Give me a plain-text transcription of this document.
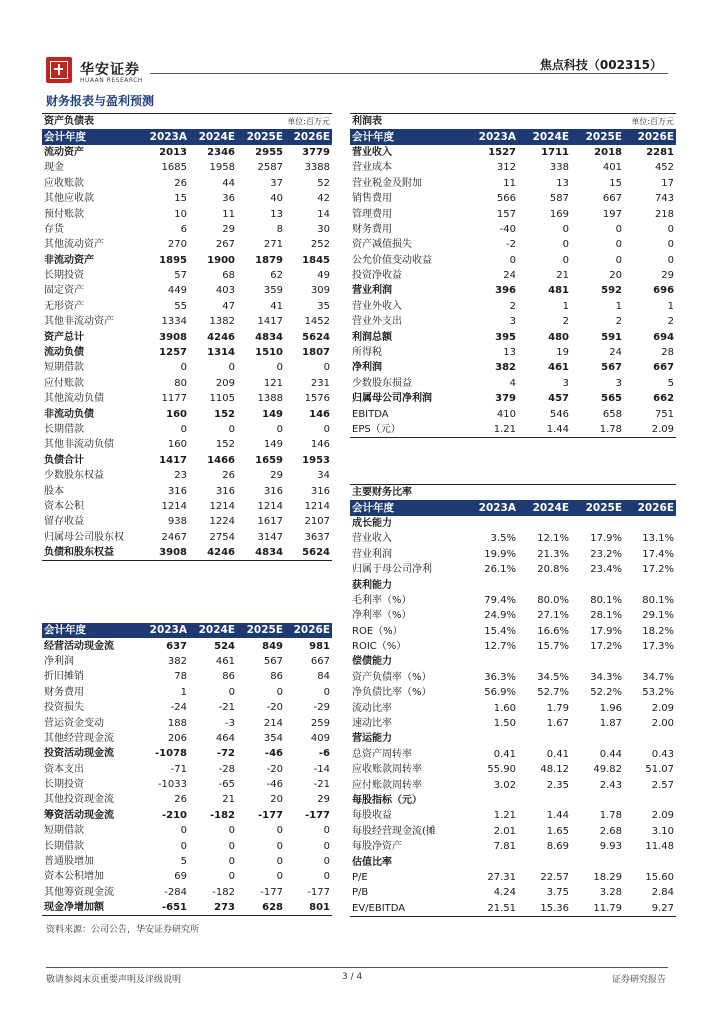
华安证券
HUAAN RESEARCH
焦点科技（002315）
财务报表与盈利预测
资产负债表			单位:百万元	
会计年度	2023A	2024E	2025E	2026E
流动资产	2013	2346	2955	3779
现金	1685	1958	2587	3388
应收账款	26	44	37	52
其他应收款	15	36	40	42
预付账款	10	11	13	14
存货	6	29	8	30
其他流动资产	270	267	271	252
非流动资产	1895	1900	1879	1845
长期投资	57	68	62	49
固定资产	449	403	359	309
无形资产	55	47	41	35
其他非流动资产	1334	1382	1417	1452
资产总计	3908	4246	4834	5624
流动负债	1257	1314	1510	1807
短期借款	0	0	0	0
应付账款	80	209	121	231
其他流动负债	1177	1105	1388	1576
非流动负债	160	152	149	146
长期借款	0	0	0	0
其他非流动负债	160	152	149	146
负债合计	1417	1466	1659	1953
少数股东权益	23	26	29	34
股本	316	316	316	316
资本公积	1214	1214	1214	1214
留存收益	938	1224	1617	2107
归属母公司股东权	2467	2754	3147	3637
负债和股东权益	3908	4246	4834	5624
利润表			单位:百万元	
会计年度	2023A	2024E	2025E	2026E
营业收入	1527	1711	2018	2281
营业成本	312	338	401	452
营业税金及附加	11	13	15	17
销售费用	566	587	667	743
管理费用	157	169	197	218
财务费用	-40	0	0	0
资产减值损失	-2	0	0	0
公允价值变动收益	0	0	0	0
投资净收益	24	21	20	29
营业利润	396	481	592	696
营业外收入	2	1	1	1
营业外支出	3	2	2	2
利润总额	395	480	591	694
所得税	13	19	24	28
净利润	382	461	567	667
少数股东损益	4	3	3	5
归属母公司净利润	379	457	565	662
EBITDA	410	546	658	751
EPS（元）	1.21	1.44	1.78	2.09
会计年度	2023A	2024E	2025E	2026E
经营活动现金流	637	524	849	981
净利润	382	461	567	667
折旧摊销	78	86	86	84
财务费用	1	0	0	0
投资损失	-24	-21	-20	-29
营运资金变动	188	-3	214	259
其他经营现金流	206	464	354	409
投资活动现金流	-1078	-72	-46	-6
资本支出	-71	-28	-20	-14
长期投资	-1033	-65	-46	-21
其他投资现金流	26	21	20	29
筹资活动现金流	-210	-182	-177	-177
短期借款	0	0	0	0
长期借款	0	0	0	0
普通股增加	5	0	0	0
资本公积增加	69	0	0	0
其他筹资现金流	-284	-182	-177	-177
现金净增加额	-651	273	628	801
主要财务比率				
会计年度	2023A	2024E	2025E	2026E
成长能力				
营业收入	3.5%	12.1%	17.9%	13.1%
营业利润	19.9%	21.3%	23.2%	17.4%
归属于母公司净利	26.1%	20.8%	23.4%	17.2%
获利能力				
毛利率（%）	79.4%	80.0%	80.1%	80.1%
净利率（%）	24.9%	27.1%	28.1%	29.1%
ROE（%）	15.4%	16.6%	17.9%	18.2%
ROIC（%）	12.7%	15.7%	17.2%	17.3%
偿债能力				
资产负债率（%）	36.3%	34.5%	34.3%	34.7%
净负债比率（%）	56.9%	52.7%	52.2%	53.2%
流动比率	1.60	1.79	1.96	2.09
速动比率	1.50	1.67	1.87	2.00
营运能力				
总资产周转率	0.41	0.41	0.44	0.43
应收账款周转率	55.90	48.12	49.82	51.07
应付账款周转率	3.02	2.35	2.43	2.57
每股指标（元）				
每股收益	1.21	1.44	1.78	2.09
每股经营现金流(摊	2.01	1.65	2.68	3.10
每股净资产	7.81	8.69	9.93	11.48
估值比率				
P/E	27.31	22.57	18.29	15.60
P/B	4.24	3.75	3.28	2.84
EV/EBITDA	21.51	15.36	11.79	9.27
资料来源：公司公告，华安证券研究所
敬请参阅末页重要声明及评级说明	3 / 4	证券研究报告
